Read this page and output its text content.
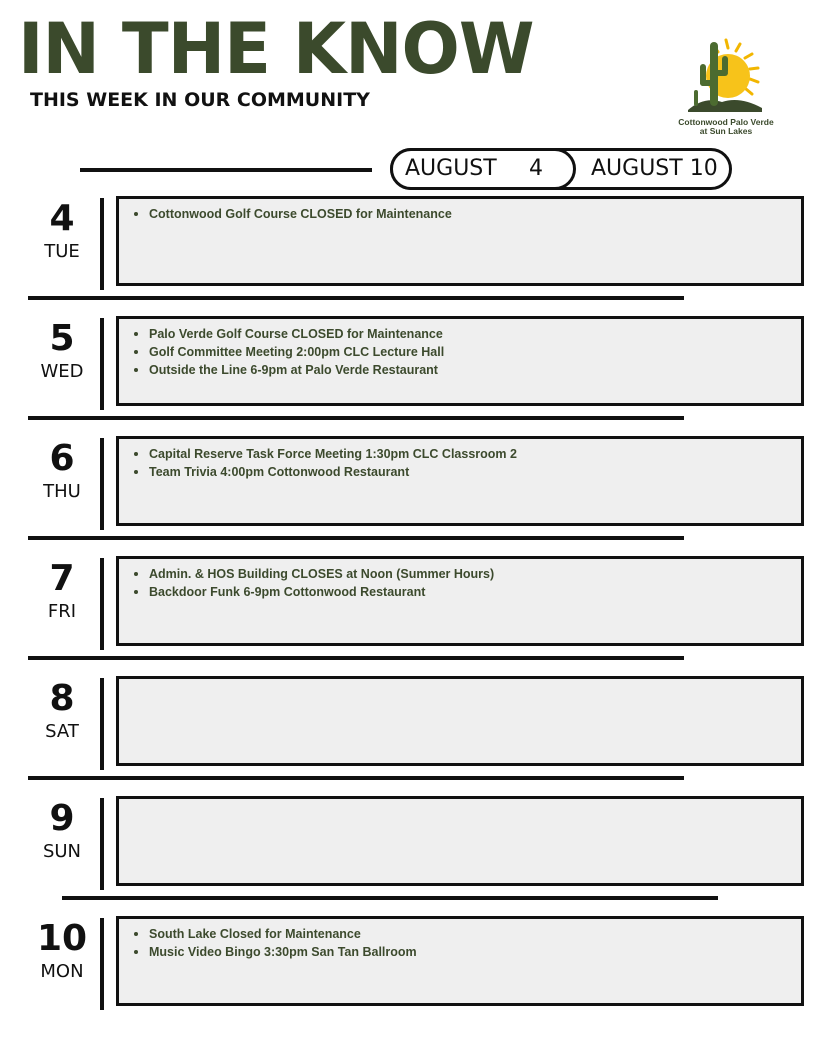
IN THE KNOW
THIS WEEK IN OUR COMMUNITY
Cottonwood Palo Verde
at Sun Lakes
AUGUST 4 AUGUST 10
4
TUE
Cottonwood Golf Course CLOSED for Maintenance
5
WED
Palo Verde Golf Course CLOSED for Maintenance
Golf Committee Meeting 2:00pm CLC Lecture Hall
Outside the Line 6-9pm at Palo Verde Restaurant
6
THU
Capital Reserve Task Force Meeting 1:30pm CLC Classroom 2
Team Trivia 4:00pm Cottonwood Restaurant
7
FRI
Admin. & HOS Building CLOSES at Noon (Summer Hours)
Backdoor Funk 6-9pm Cottonwood Restaurant
8
SAT
9
SUN
10
MON
South Lake Closed for Maintenance
Music Video Bingo 3:30pm San Tan Ballroom
